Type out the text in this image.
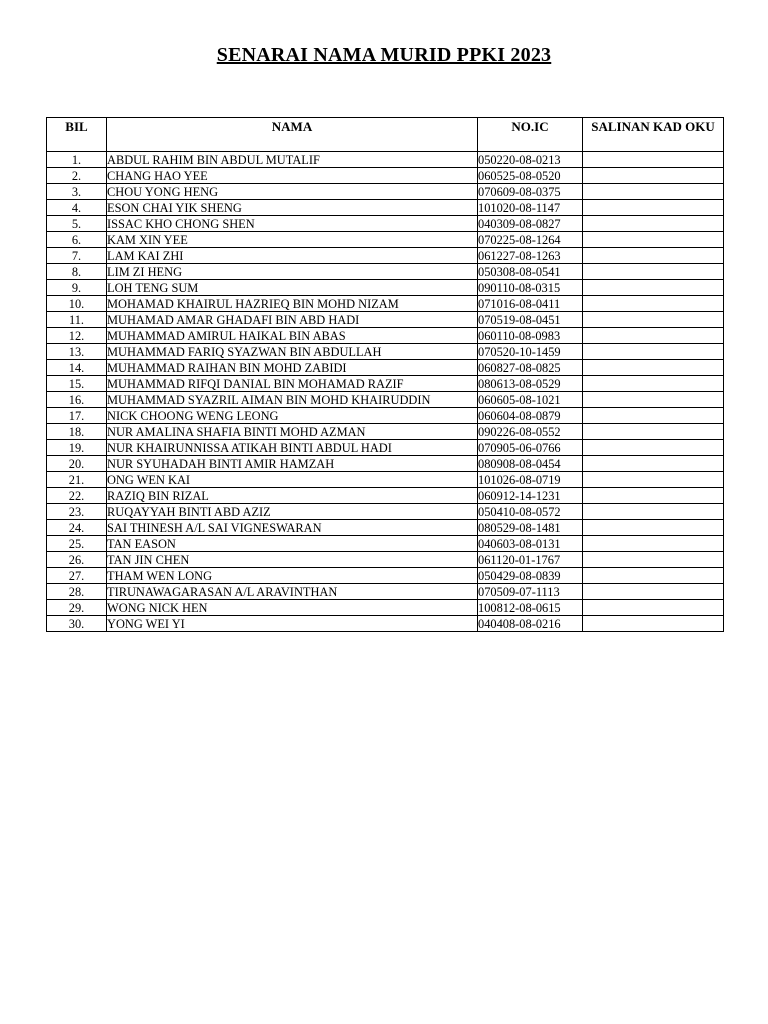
SENARAI NAMA MURID PPKI 2023
BIL	NAMA	NO.IC	SALINAN KAD OKU
1.	ABDUL RAHIM BIN ABDUL MUTALIF	050220-08-0213	
2.	CHANG HAO YEE	060525-08-0520	
3.	CHOU YONG HENG	070609-08-0375	
4.	ESON CHAI YIK SHENG	101020-08-1147	
5.	ISSAC KHO CHONG SHEN	040309-08-0827	
6.	KAM XIN YEE	070225-08-1264	
7.	LAM KAI ZHI	061227-08-1263	
8.	LIM ZI HENG	050308-08-0541	
9.	LOH TENG SUM	090110-08-0315	
10.	MOHAMAD KHAIRUL HAZRIEQ BIN MOHD NIZAM	071016-08-0411	
11.	MUHAMAD AMAR GHADAFI BIN ABD HADI	070519-08-0451	
12.	MUHAMMAD AMIRUL HAIKAL BIN ABAS	060110-08-0983	
13.	MUHAMMAD FARIQ SYAZWAN BIN ABDULLAH	070520-10-1459	
14.	MUHAMMAD RAIHAN BIN MOHD ZABIDI	060827-08-0825	
15.	MUHAMMAD RIFQI DANIAL BIN MOHAMAD RAZIF	080613-08-0529	
16.	MUHAMMAD SYAZRIL AIMAN BIN MOHD KHAIRUDDIN	060605-08-1021	
17.	NICK CHOONG WENG LEONG	060604-08-0879	
18.	NUR AMALINA SHAFIA BINTI MOHD AZMAN	090226-08-0552	
19.	NUR KHAIRUNNISSA ATIKAH BINTI ABDUL HADI	070905-06-0766	
20.	NUR SYUHADAH BINTI AMIR HAMZAH	080908-08-0454	
21.	ONG WEN KAI	101026-08-0719	
22.	RAZIQ BIN RIZAL	060912-14-1231	
23.	RUQAYYAH BINTI ABD AZIZ	050410-08-0572	
24.	SAI THINESH A/L SAI VIGNESWARAN	080529-08-1481	
25.	TAN EASON	040603-08-0131	
26.	TAN JIN CHEN	061120-01-1767	
27.	THAM WEN LONG	050429-08-0839	
28.	TIRUNAWAGARASAN A/L ARAVINTHAN	070509-07-1113	
29.	WONG NICK HEN	100812-08-0615	
30.	YONG WEI YI	040408-08-0216	
